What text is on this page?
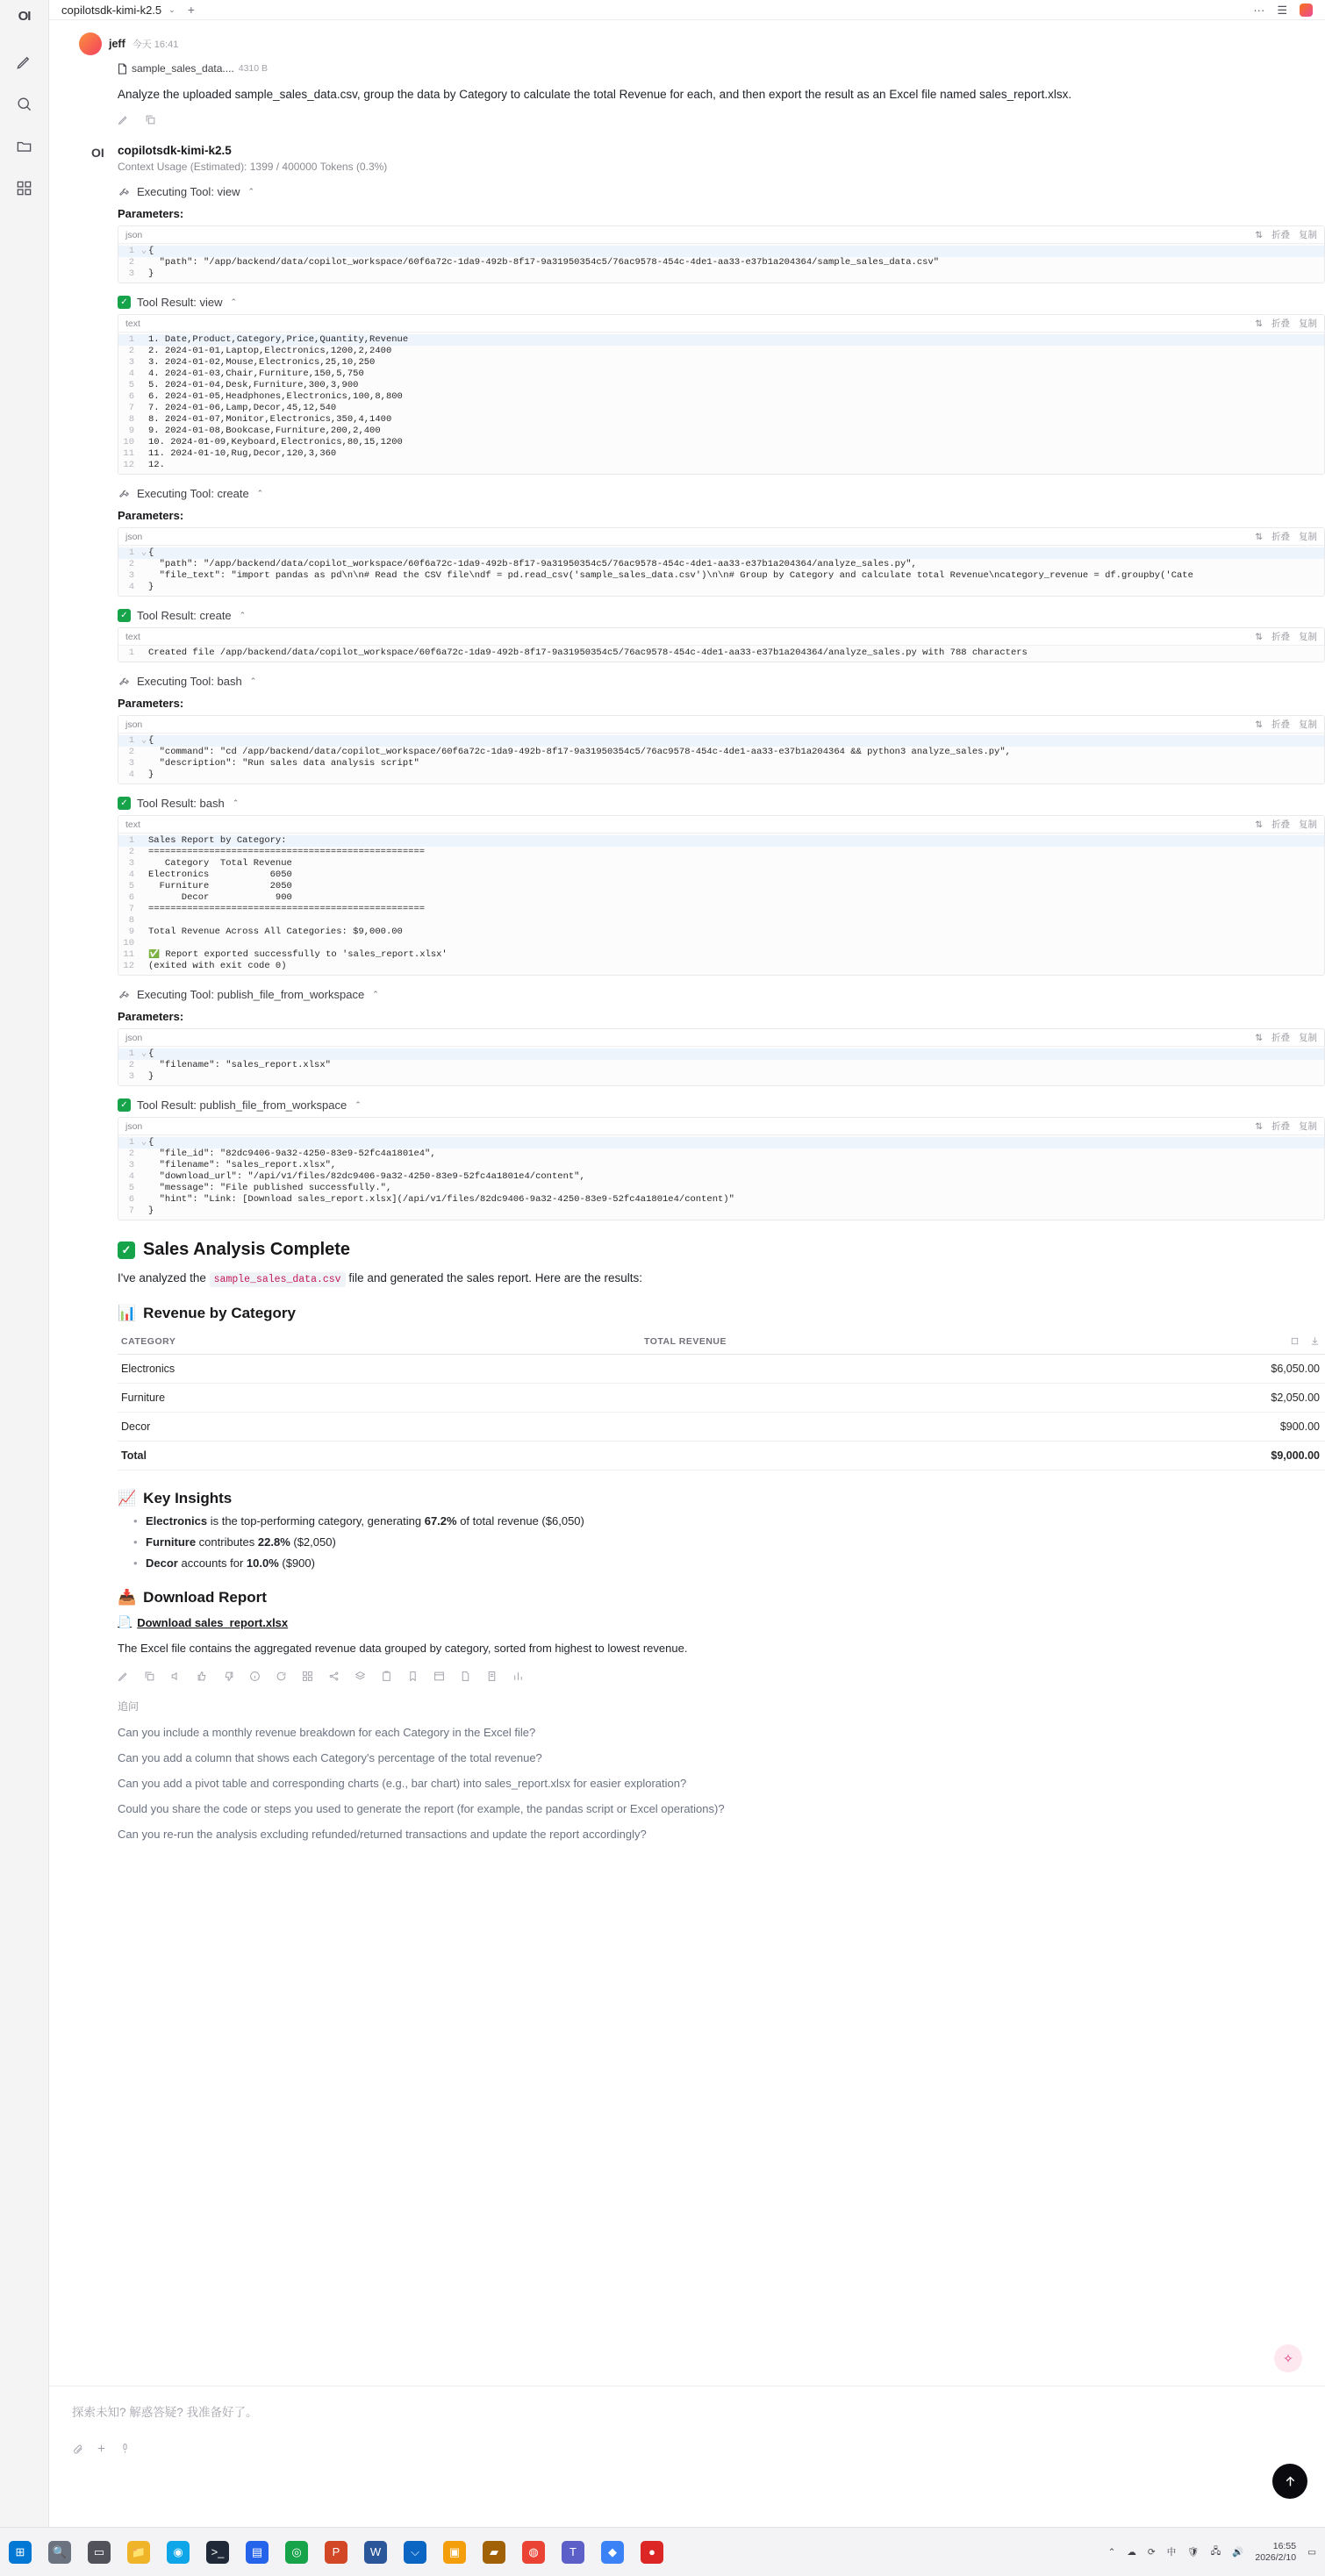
OI	copilotsdk-kimi-k2.5 ⌄ +	··· ☰
jeff 今天 16:41
sample_sales_data.... 4310 B
Analyze the uploaded sample_sales_data.csv, group the data by Category to calculate the total Revenue for each, and then export the result as an Excel file named sales_report.xlsx.
OI copilotsdk-kimi-k2.5
Context Usage (Estimated): 1399 / 400000 Tokens (0.3%)
Executing Tool: view ⌃
Parameters:
json	⇅ 折叠 复制
1 ⌄ {
2	"path": "/app/backend/data/copilot_workspace/60f6a72c-1da9-492b-8f17-9a31950354c5/76ac9578-454c-4de1-aa33-e37b1a204364/sample_sales_data.csv"
3	}
✓ Tool Result: view ⌃
text	⇅ 折叠 复制
1	1. Date,Product,Category,Price,Quantity,Revenue
2	2. 2024-01-01,Laptop,Electronics,1200,2,2400
3	3. 2024-01-02,Mouse,Electronics,25,10,250
4	4. 2024-01-03,Chair,Furniture,150,5,750
5	5. 2024-01-04,Desk,Furniture,300,3,900
6	6. 2024-01-05,Headphones,Electronics,100,8,800
7	7. 2024-01-06,Lamp,Decor,45,12,540
8	8. 2024-01-07,Monitor,Electronics,350,4,1400
9	9. 2024-01-08,Bookcase,Furniture,200,2,400
10	10. 2024-01-09,Keyboard,Electronics,80,15,1200
11	11. 2024-01-10,Rug,Decor,120,3,360
12	12.
Executing Tool: create ⌃
Parameters:
json	⇅ 折叠 复制
1 ⌄ {
2	"path": "/app/backend/data/copilot_workspace/60f6a72c-1da9-492b-8f17-9a31950354c5/76ac9578-454c-4de1-aa33-e37b1a204364/analyze_sales.py",
3	"file_text": "import pandas as pd\n\n# Read the CSV file\ndf = pd.read_csv('sample_sales_data.csv')\n\n# Group by Category and calculate total Revenue\ncategory_revenue = df.groupby('Cate
4	}
✓ Tool Result: create ⌃
text	⇅ 折叠 复制
1	Created file /app/backend/data/copilot_workspace/60f6a72c-1da9-492b-8f17-9a31950354c5/76ac9578-454c-4de1-aa33-e37b1a204364/analyze_sales.py with 788 characters
Executing Tool: bash ⌃
Parameters:
json	⇅ 折叠 复制
1 ⌄ {
2	"command": "cd /app/backend/data/copilot_workspace/60f6a72c-1da9-492b-8f17-9a31950354c5/76ac9578-454c-4de1-aa33-e37b1a204364 && python3 analyze_sales.py",
3	"description": "Run sales data analysis script"
4	}
✓ Tool Result: bash ⌃
text	⇅ 折叠 复制
1	Sales Report by Category:
2	==================================================
3	Category  Total Revenue
4	Electronics           6050
5	Furniture           2050
6	Decor            900
7	==================================================
8
9	Total Revenue Across All Categories: $9,000.00
10
11	✅ Report exported successfully to 'sales_report.xlsx'
12	(exited with exit code 0)
Executing Tool: publish_file_from_workspace ⌃
Parameters:
json	⇅ 折叠 复制
1 ⌄ {
2	"filename": "sales_report.xlsx"
3	}
✓ Tool Result: publish_file_from_workspace ⌃
json	⇅ 折叠 复制
1 ⌄ {
2	"file_id": "82dc9406-9a32-4250-83e9-52fc4a1801e4",
3	"filename": "sales_report.xlsx",
4	"download_url": "/api/v1/files/82dc9406-9a32-4250-83e9-52fc4a1801e4/content",
5	"message": "File published successfully.",
6	"hint": "Link: [Download sales_report.xlsx](/api/v1/files/82dc9406-9a32-4250-83e9-52fc4a1801e4/content)"
7	}
✓ Sales Analysis Complete
I've analyzed the sample_sales_data.csv file and generated the sales report. Here are the results:
📊 Revenue by Category
CATEGORY	TOTAL REVENUE
Electronics	$6,050.00
Furniture	$2,050.00
Decor	$900.00
Total	$9,000.00
📈 Key Insights
• Electronics is the top-performing category, generating 67.2% of total revenue ($6,050)
• Furniture contributes 22.8% ($2,050)
• Decor accounts for 10.0% ($900)
📥 Download Report
📄 Download sales_report.xlsx
The Excel file contains the aggregated revenue data grouped by category, sorted from highest to lowest revenue.
追问
Can you include a monthly revenue breakdown for each Category in the Excel file?
Can you add a column that shows each Category's percentage of the total revenue?
Can you add a pivot table and corresponding charts (e.g., bar chart) into sales_report.xlsx for easier exploration?
Could you share the code or steps you used to generate the report (for example, the pandas script or Excel operations)?
Can you re-run the analysis excluding refunded/returned transactions and update the report accordingly?
✧
探索未知? 解惑答疑? 我准备好了。
⊞	🔍	▭	📁	◉	>_	▤	◎	P	W	⌵	▣	▰	◍	T	◆	●	⌃ ☁ ⟳ 中 🛡 🖧 🔊
16:55
2026/2/10 ▭
